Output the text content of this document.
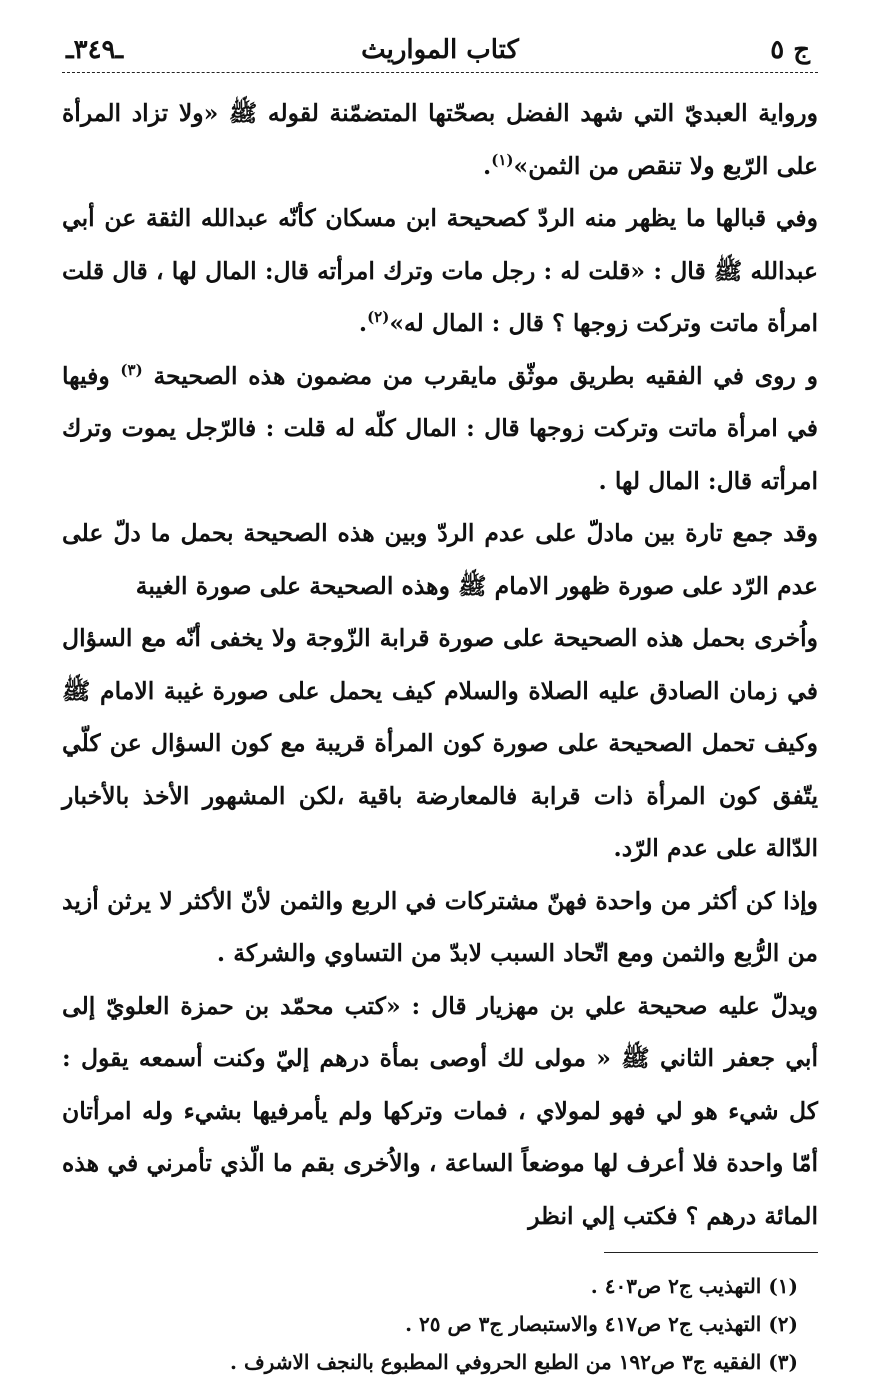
ج ٥
كتاب المواريث
ـ٣٤٩ـ

ورواية العبديّ التي شهد الفضل بصحّتها المتضمّنة لقوله ﷺ «ولا تزاد المرأة على الرّبع ولا تنقص من الثمن»$^{(١)}$.

وفي قبالها ما يظهر منه الردّ كصحيحة ابن مسكان كأنّه عبدالله الثقة عن أبي عبدالله ﷺ قال : «قلت له : رجل مات وترك امرأته قال: المال لها ، قال قلت امرأة ماتت وتركت زوجها ؟ قال : المال له»$^{(٢)}$.

و روى في الفقيه بطريق موثّق مايقرب من مضمون هذه الصحيحة $^{(٣)}$ وفيها في امرأة ماتت وتركت زوجها قال : المال كلّه له قلت : فالرّجل يموت وترك امرأته قال: المال لها .

وقد جمع تارة بين مادلّ على عدم الردّ وبين هذه الصحيحة بحمل ما دلّ على عدم الرّد على صورة ظهور الامام ﷺ وهذه الصحيحة على صورة الغيبة

واُخرى بحمل هذه الصحيحة على صورة قرابة الزّوجة ولا يخفى أنّه مع السؤال في زمان الصادق عليه الصلاة والسلام كيف يحمل على صورة غيبة الامام ﷺ وكيف تحمل الصحيحة على صورة كون المرأة قريبة مع كون السؤال عن كلّي يتّفق كون المرأة ذات قرابة فالمعارضة باقية ،لكن المشهور الأخذ بالأخبار الدّالة على عدم الرّد.

وإذا كن أكثر من واحدة فهنّ مشتركات في الربع والثمن لأنّ الأكثر لا يرثن أزيد من الرُّبع والثمن ومع اتّحاد السبب لابدّ من التساوي والشركة .

ويدلّ عليه صحيحة علي بن مهزيار قال : «كتب محمّد بن حمزة العلويّ إلى أبي جعفر الثاني ﷺ « مولى لك أوصى بمأة درهم إليّ وكنت أسمعه يقول : كل شيء هو لي فهو لمولاي ، فمات وتركها ولم يأمرفيها بشيء وله امرأتان أمّا واحدة فلا أعرف لها موضعاً الساعة ، والاُخرى بقم ما الّذي تأمرني في هذه المائة درهم ؟ فكتب إلي انظر

(١) التهذيب ج٢ ص٤٠٣ .
(٢) التهذيب ج٢ ص٤١٧ والاستبصار ج٣ ص ٢٥ .
(٣) الفقيه ج٣ ص١٩٢ من الطبع الحروفي المطبوع بالنجف الاشرف .
